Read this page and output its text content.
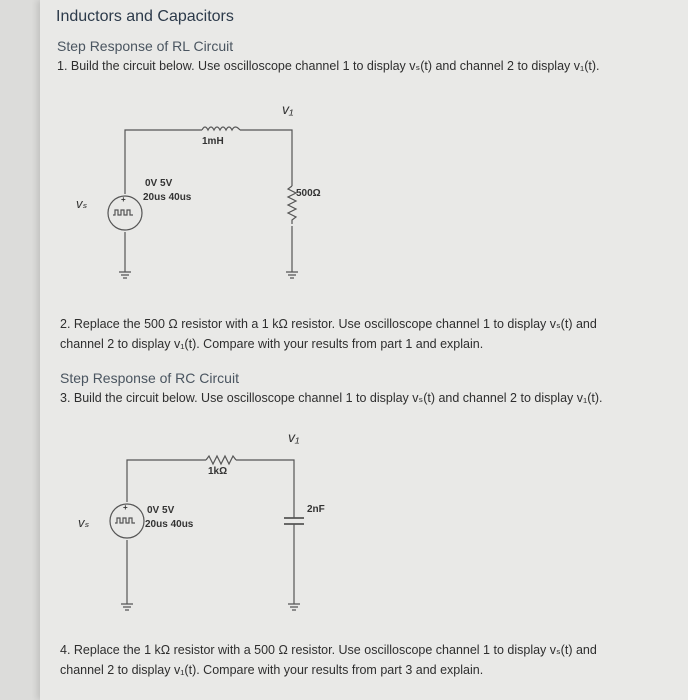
Inductors and Capacitors
Step Response of RL Circuit
1. Build the circuit below. Use oscilloscope channel 1 to display vₛ(t) and channel 2 to display v₁(t).
2. Replace the 500 Ω resistor with a 1 kΩ resistor. Use oscilloscope channel 1 to display vₛ(t) and
channel 2 to display v₁(t). Compare with your results from part 1 and explain.
Step Response of RC Circuit
3. Build the circuit below. Use oscilloscope channel 1 to display vₛ(t) and channel 2 to display v₁(t).
4. Replace the 1 kΩ resistor with a 500 Ω resistor. Use oscilloscope channel 1 to display vₛ(t) and
channel 2 to display v₁(t). Compare with your results from part 3 and explain.
+
1mH
500Ω
0V 5V
20us 40us
v₁
vₛ
+
1kΩ
2nF
0V 5V
20us 40us
v₁
vₛ
